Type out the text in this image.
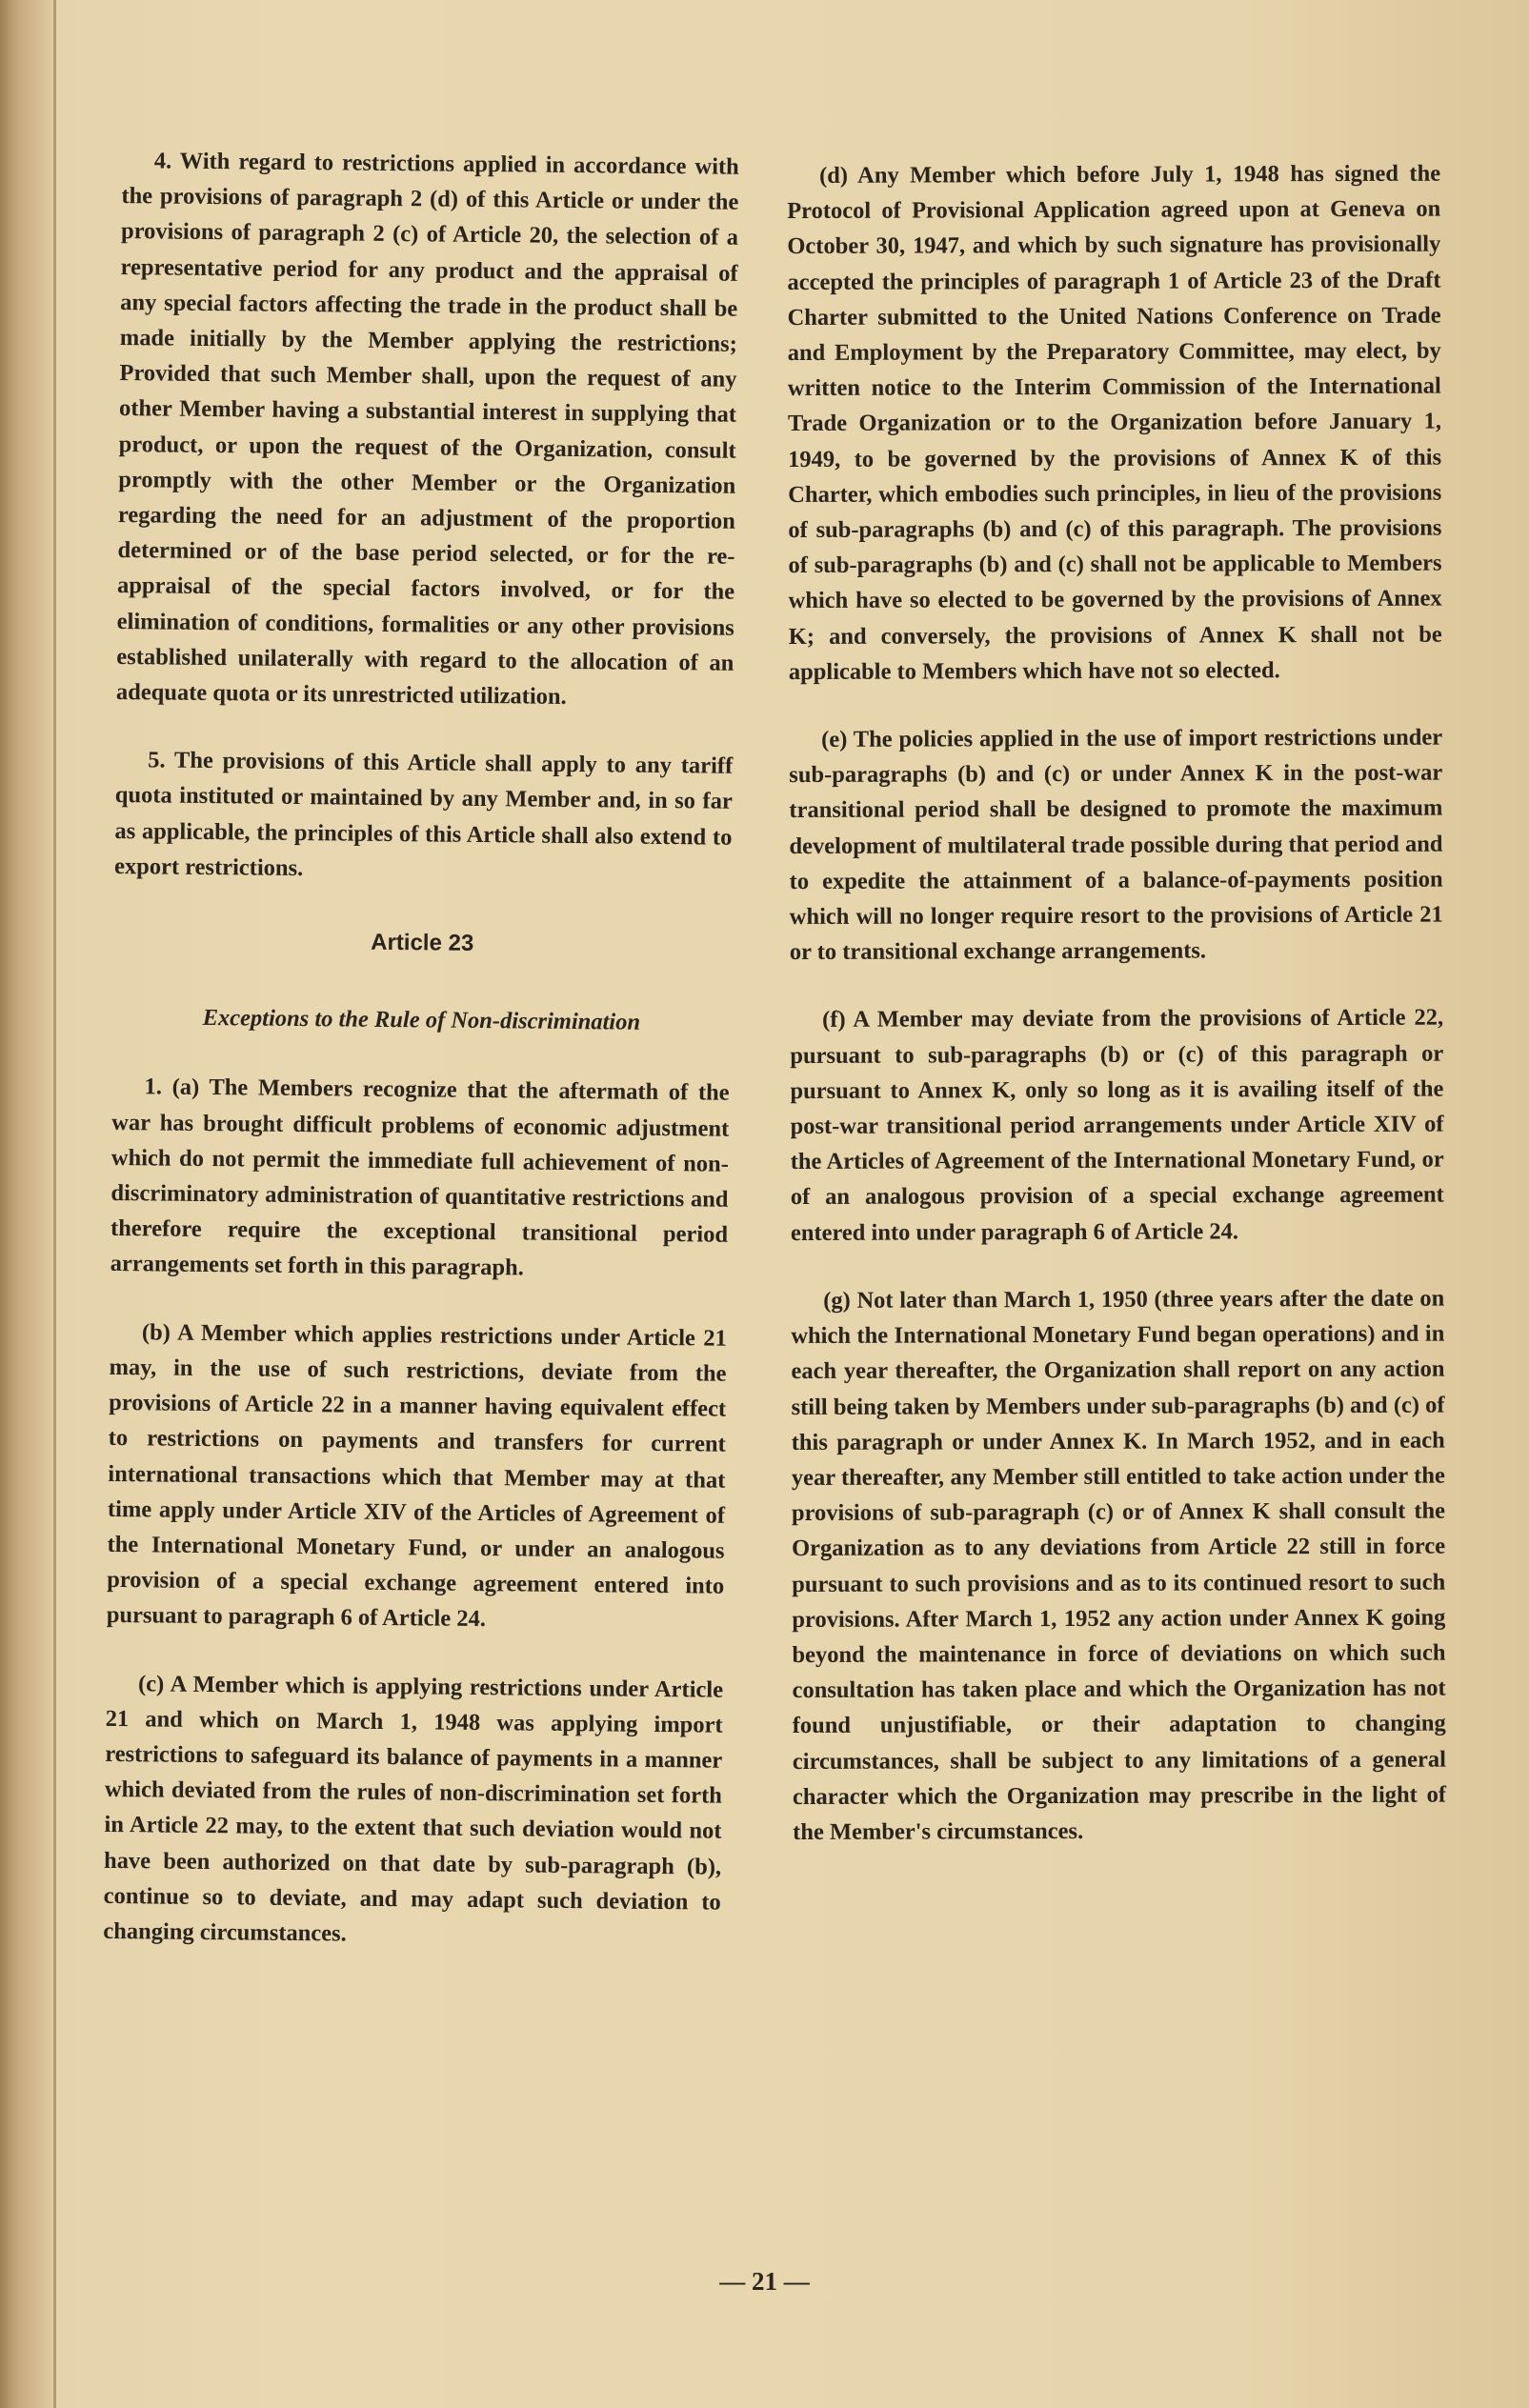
4. With regard to restrictions applied in accordance with the provisions of paragraph 2 (d) of this Article or under the provisions of paragraph 2 (c) of Article 20, the selection of a representative period for any product and the appraisal of any special factors affecting the trade in the product shall be made initially by the Member applying the restrictions; Provided that such Member shall, upon the request of any other Member having a substantial interest in supplying that product, or upon the request of the Organization, consult promptly with the other Member or the Organization regarding the need for an adjustment of the proportion determined or of the base period selected, or for the re-appraisal of the special factors involved, or for the elimination of conditions, formalities or any other provisions established unilaterally with regard to the allocation of an adequate quota or its unrestricted utilization.

5. The provisions of this Article shall apply to any tariff quota instituted or maintained by any Member and, in so far as applicable, the principles of this Article shall also extend to export restrictions.

Article 23
Exceptions to the Rule of Non-discrimination

1. (a) The Members recognize that the aftermath of the war has brought difficult problems of economic adjustment which do not permit the immediate full achievement of non-discriminatory administration of quantitative restrictions and therefore require the exceptional transitional period arrangements set forth in this paragraph.

(b) A Member which applies restrictions under Article 21 may, in the use of such restrictions, deviate from the provisions of Article 22 in a manner having equivalent effect to restrictions on payments and transfers for current international transactions which that Member may at that time apply under Article XIV of the Articles of Agreement of the International Monetary Fund, or under an analogous provision of a special exchange agreement entered into pursuant to paragraph 6 of Article 24.

(c) A Member which is applying restrictions under Article 21 and which on March 1, 1948 was applying import restrictions to safeguard its balance of payments in a manner which deviated from the rules of non-discrimination set forth in Article 22 may, to the extent that such deviation would not have been authorized on that date by sub-paragraph (b), continue so to deviate, and may adapt such deviation to changing circumstances.

(d) Any Member which before July 1, 1948 has signed the Protocol of Provisional Application agreed upon at Geneva on October 30, 1947, and which by such signature has provisionally accepted the principles of paragraph 1 of Article 23 of the Draft Charter submitted to the United Nations Conference on Trade and Employment by the Preparatory Committee, may elect, by written notice to the Interim Commission of the International Trade Organization or to the Organization before January 1, 1949, to be governed by the provisions of Annex K of this Charter, which embodies such principles, in lieu of the provisions of sub-paragraphs (b) and (c) of this paragraph. The provisions of sub-paragraphs (b) and (c) shall not be applicable to Members which have so elected to be governed by the provisions of Annex K; and conversely, the provisions of Annex K shall not be applicable to Members which have not so elected.

(e) The policies applied in the use of import restrictions under sub-paragraphs (b) and (c) or under Annex K in the post-war transitional period shall be designed to promote the maximum development of multilateral trade possible during that period and to expedite the attainment of a balance-of-payments position which will no longer require resort to the provisions of Article 21 or to transitional exchange arrangements.

(f) A Member may deviate from the provisions of Article 22, pursuant to sub-paragraphs (b) or (c) of this paragraph or pursuant to Annex K, only so long as it is availing itself of the post-war transitional period arrangements under Article XIV of the Articles of Agreement of the International Monetary Fund, or of an analogous provision of a special exchange agreement entered into under paragraph 6 of Article 24.

(g) Not later than March 1, 1950 (three years after the date on which the International Monetary Fund began operations) and in each year thereafter, the Organization shall report on any action still being taken by Members under sub-paragraphs (b) and (c) of this paragraph or under Annex K. In March 1952, and in each year thereafter, any Member still entitled to take action under the provisions of sub-paragraph (c) or of Annex K shall consult the Organization as to any deviations from Article 22 still in force pursuant to such provisions and as to its continued resort to such provisions. After March 1, 1952 any action under Annex K going beyond the maintenance in force of deviations on which such consultation has taken place and which the Organization has not found unjustifiable, or their adaptation to changing circumstances, shall be subject to any limitations of a general character which the Organization may prescribe in the light of the Member's circumstances.

— 21 —
